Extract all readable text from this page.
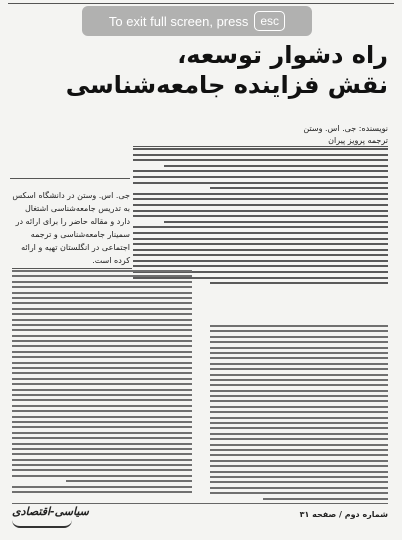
To exit full screen, press	esc
راه دشوار توسعه،
نقش فزاینده جامعه‌شناسی
نویسنده: جی. اس. وستن
ترجمه پرویز پیران
جی. اس. وستن در دانشگاه اسکس به تدریس جامعه‌شناسی اشتغال دارد و مقاله حاضر را برای ارائه در سمینار جامعه‌شناسی و ترجمه اجتماعی در انگلستان تهیه و ارائه کرده است.
سیاسی-اقتصادی	شماره دوم / صفحه ۳۱
